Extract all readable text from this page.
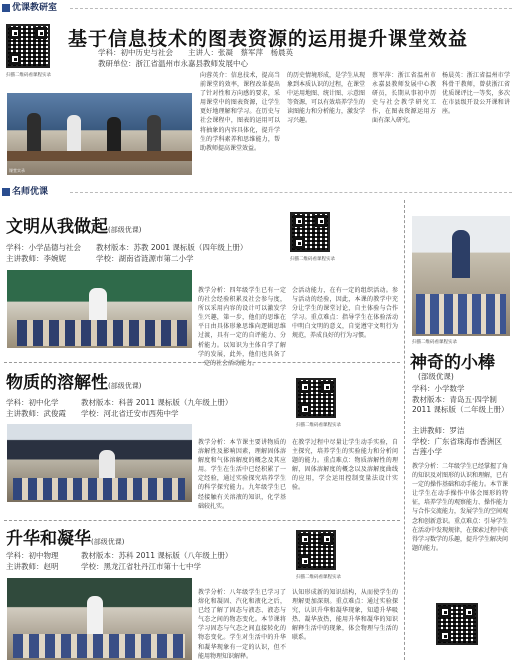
优课教研室
扫描二维码看课程实录
基于信息技术的图表资源的运用提升课堂效益
学科：初中历史与社会　　主讲人：张凝　蔡军萍　杨晨英
教研单位：浙江省温州市永嘉县教师发展中心
课堂实录
向蓉英介：信息技术，提高当前课堂的效率，课程改革提出了针对性和方向感的要求，采用课堂中的图表资源，让学生更好地理解和学习。在历史与社会课程中，图表的运用可以将抽象的内容具体化，提升学生的学科素养和思维能力，帮助教师提高课堂效益。
的历史情境形成，是学生从现象到本质认识的过程，在课堂中运用地图、统计图、示意图等资源，可以有效培养学生的读图能力和分析能力，激发学习兴趣。
蔡军萍：浙江省温州市永嘉县教师发展中心教研员，长期从事初中历史与社会教学研究工作，在图表资源运用方面有深入研究。
杨晨英：浙江省温州市学科骨干教师，曾获浙江省优质课评比一等奖，多次在市县级开设公开课和讲座。
名师优课
文明从我做起(部级优课)
学科：小学品德与社会　　教材版本：苏教 2001 课标版（四年级上册）
主讲教师：李婉妮　　　　学校：湖南省涟源市第二小学	扫描二维码看课程实录
教学分析：四年级学生已有一定的社会经验积累及社会参与度，所以采用内容的设计可以激发学生兴趣，第一步，他们的思维在平日由具体形象思维向逻辑思维过渡，具有一定的自评能力、分析能力。以知识为主体自学了解学的发展，此外，他们也具备了一定的社会活动能力。
会活动能力，在有一定的组织活动。参与活动的经验，因此，本课的教学中充分让学生的课堂讨论，自主体验与合作学习。重点难点：指导学生在体验活动中明白文明的意义，自觉遵守文明行为规范，养成良好的行为习惯。
物质的溶解性(部级优课)
学科：初中化学　　　教材版本：科普 2011 课标版（九年级上册）
主讲教师：武俊霞　　学校：河北省迁安市西苑中学
扫描二维码看课程实录
教学分析：本节课主要讲物质的溶解性及影响因素，理解固体溶解度和气体溶解度的概念及其应用。学生在生活中已经积累了一定经验，通过实验探究培养学生的科学探究能力。九年级学生已经接触有关溶液的知识，化学基础较扎实。
在教学过程中尽量让学生动手实验，自主探究，培养学生的实验能力和分析问题的能力。重点难点：物质溶解性的理解，固体溶解度的概念以及溶解度曲线的应用，学会运用控制变量法设计实验。
升华和凝华(部级优课)
学科：初中物理　　　教材版本：苏科 2011 课标版（八年级上册）
主讲教师：赵明　　　学校：黑龙江省牡丹江市第十七中学
扫描二维码看课程实录
教学分析：八年级学生已学习了熔化和凝固、汽化和液化之后，已经了解了固态与液态、液态与气态之间的物态变化。本节课将学习固态与气态之间直接转化的物态变化。学生对生活中的升华和凝华现象有一定的认识，但不能用物理知识解释。
认知形成新的知识结构，从而使学生的理解更加深刻。重点难点：通过实验探究，认识升华和凝华现象，知道升华吸热、凝华放热，能用升华和凝华的知识解释生活中的现象，体会物理与生活的联系。
扫描二维码看课程实录
神奇的小棒
(部级优课)
学科：小学数学
教材版本：青岛五·四学制 2011 课标版（二年级上册）
主讲教师：罗洁
学校：广东省珠海市香洲区吉莲小学
教学分析：二年级学生已经掌握了角的知识及对图形的认识和理解，已有一定的操作基础和动手能力。本节课让学生在动手操作中体会图形的特征，培养学生的观察能力、操作能力与合作交流能力，发展学生的空间观念和创新意识。重点难点：引导学生在活动中发现规律，在探索过程中获得学习数学的乐趣，提升学生解决问题的能力。
